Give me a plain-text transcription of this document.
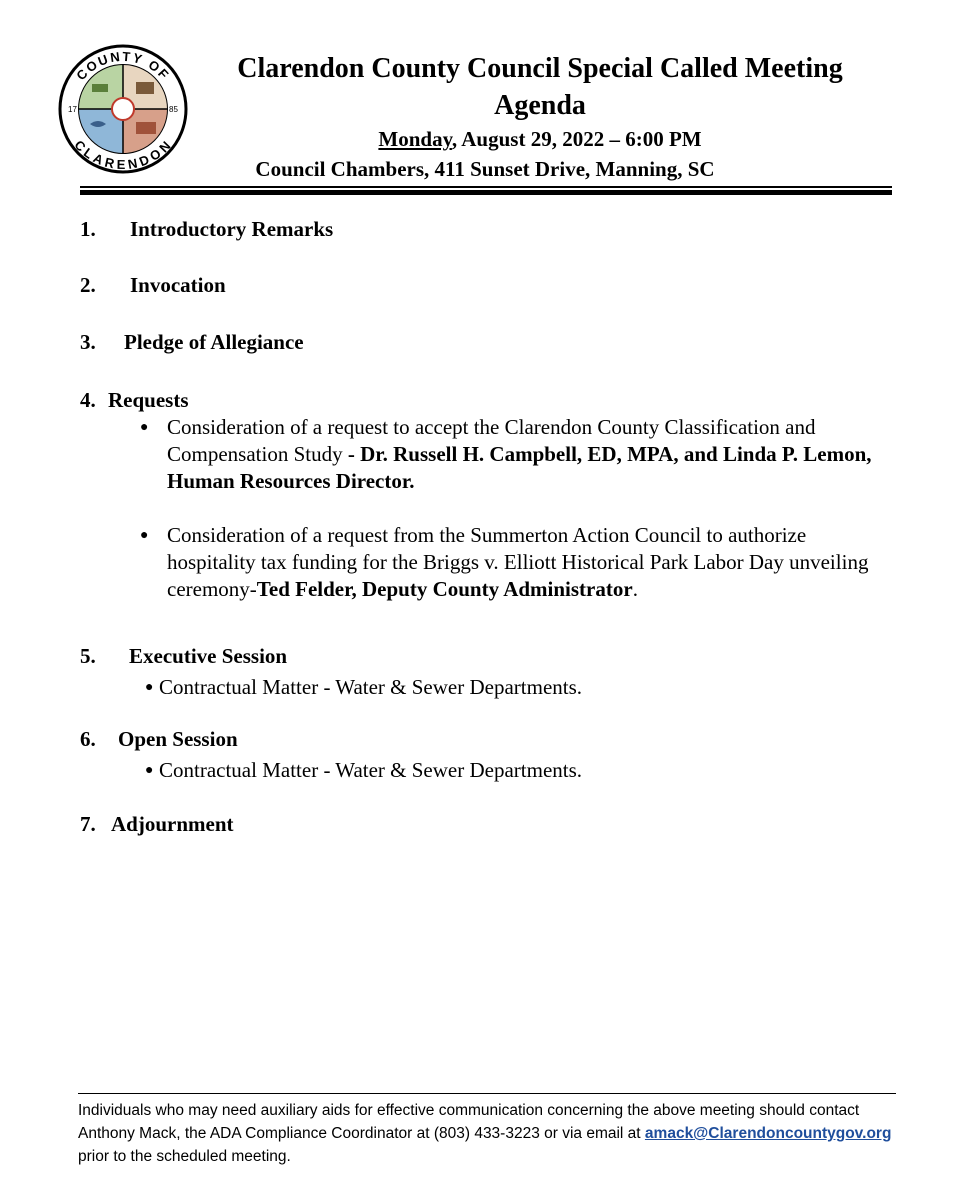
COUNTY OF
CLARENDON
17	85
Clarendon County Council Special Called Meeting
Agenda
Monday, August 29, 2022 – 6:00 PM
Council Chambers, 411 Sunset Drive, Manning, SC
1. Introductory Remarks
2. Invocation
3. Pledge of Allegiance
4. Requests
● Consideration of a request to accept the Clarendon County Classification and Compensation Study - Dr. Russell H. Campbell, ED, MPA, and Linda P. Lemon, Human Resources Director.
● Consideration of a request from the Summerton Action Council to authorize hospitality tax funding for the Briggs v. Elliott Historical Park Labor Day unveiling ceremony-Ted Felder, Deputy County Administrator.
5. Executive Session
● Contractual Matter - Water & Sewer Departments.
6. Open Session
● Contractual Matter - Water & Sewer Departments.
7. Adjournment
Individuals who may need auxiliary aids for effective communication concerning the above meeting should contact Anthony Mack, the ADA Compliance Coordinator at (803) 433-3223 or via email at amack@Clarendoncountygov.org prior to the scheduled meeting.
